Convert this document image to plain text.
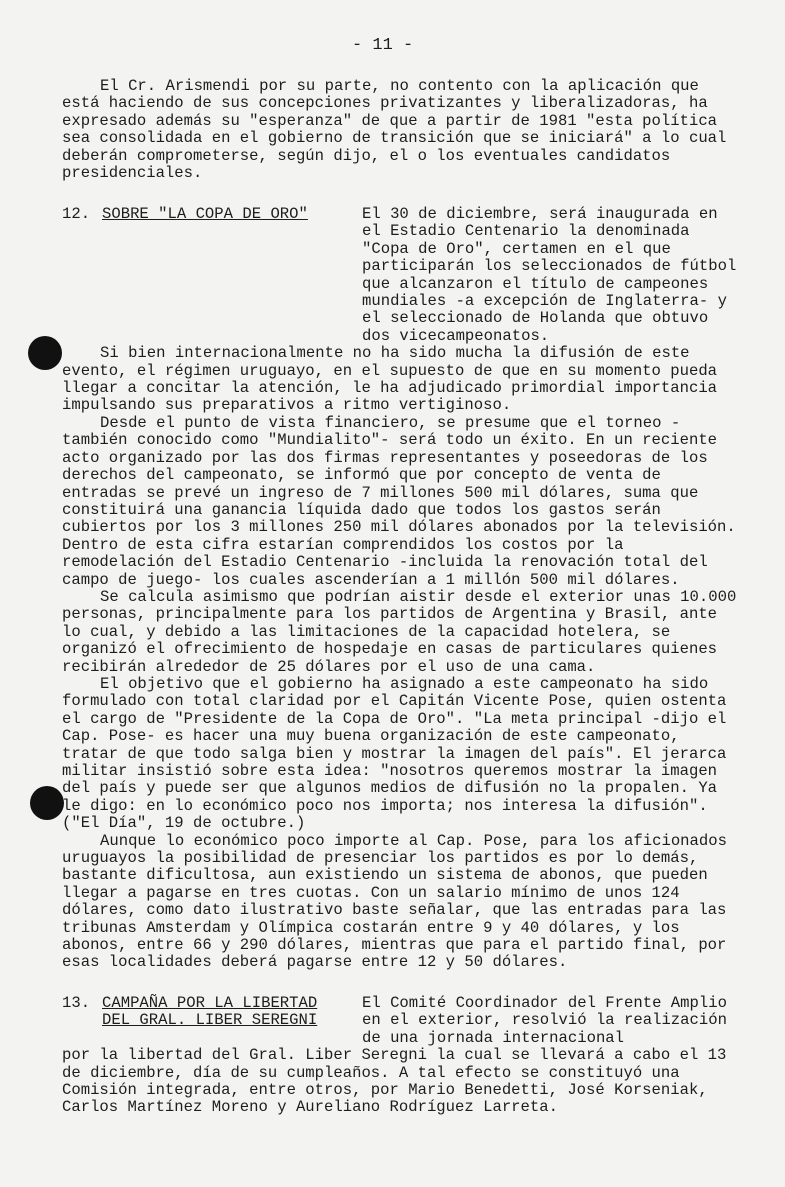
- 11 -

El Cr. Arismendi por su parte, no contento con la aplicación que está haciendo de sus concepciones privatizantes y liberalizadoras, ha expresado además su "esperanza" de que a partir de 1981 "esta política sea consolidada en el gobierno de transición que se iniciará" a lo cual deberán comprometerse, según dijo, el o los eventuales candidatos presidenciales.

12. SOBRE "LA COPA DE ORO"	El 30 de diciembre, será inaugurada en el Estadio Centenario la denominada "Copa de Oro", certamen en el que participarán los seleccionados de fútbol que alcanzaron el título de campeones mundiales -a excepción de Inglaterra- y el seleccionado de Holanda que obtuvo dos vicecampeonatos.

Si bien internacionalmente no ha sido mucha la difusión de este evento, el régimen uruguayo, en el supuesto de que en su momento pueda llegar a concitar la atención, le ha adjudicado primordial importancia impulsando sus preparativos a ritmo vertiginoso.

Desde el punto de vista financiero, se presume que el torneo -también conocido como "Mundialito"- será todo un éxito. En un reciente acto organizado por las dos firmas representantes y poseedoras de los derechos del campeonato, se informó que por concepto de venta de entradas se prevé un ingreso de 7 millones 500 mil dólares, suma que constituirá una ganancia líquida dado que todos los gastos serán cubiertos por los 3 millones 250 mil dólares abonados por la televisión. Dentro de esta cifra estarían comprendidos los costos por la remodelación del Estadio Centenario -incluida la renovación total del campo de juego- los cuales ascenderían a 1 millón 500 mil dólares.

Se calcula asimismo que podrían aistir desde el exterior unas 10.000 personas, principalmente para los partidos de Argentina y Brasil, ante lo cual, y debido a las limitaciones de la capacidad hotelera, se organizó el ofrecimiento de hospedaje en casas de particulares quienes recibirán alrededor de 25 dólares por el uso de una cama.

El objetivo que el gobierno ha asignado a este campeonato ha sido formulado con total claridad por el Capitán Vicente Pose, quien ostenta el cargo de "Presidente de la Copa de Oro". "La meta principal -dijo el Cap. Pose- es hacer una muy buena organización de este campeonato, tratar de que todo salga bien y mostrar la imagen del país". El jerarca militar insistió sobre esta idea: "nosotros queremos mostrar la imagen del país y puede ser que algunos medios de difusión no la propalen. Ya le digo: en lo económico poco nos importa; nos interesa la difusión".("El Día", 19 de octubre.)

Aunque lo económico poco importe al Cap. Pose, para los aficionados uruguayos la posibilidad de presenciar los partidos es por lo demás, bastante dificultosa, aun existiendo un sistema de abonos, que pueden llegar a pagarse en tres cuotas. Con un salario mínimo de unos 124 dólares, como dato ilustrativo baste señalar, que las entradas para las tribunas Amsterdam y Olímpica costarán entre 9 y 40 dólares, y los abonos, entre 66 y 290 dólares, mientras que para el partido final, por esas localidades deberá pagarse entre 12 y 50 dólares.

13. CAMPAÑA POR LA LIBERTAD
DEL GRAL. LIBER SEREGNI
El Comité Coordinador del Frente Amplio en el exterior, resolvió la realización de una jornada internacional

por la libertad del Gral. Liber Seregni la cual se llevará a cabo el 13 de diciembre, día de su cumpleaños. A tal efecto se constituyó una Comisión integrada, entre otros, por Mario Benedetti, José Korseniak, Carlos Martínez Moreno y Aureliano Rodríguez Larreta.
